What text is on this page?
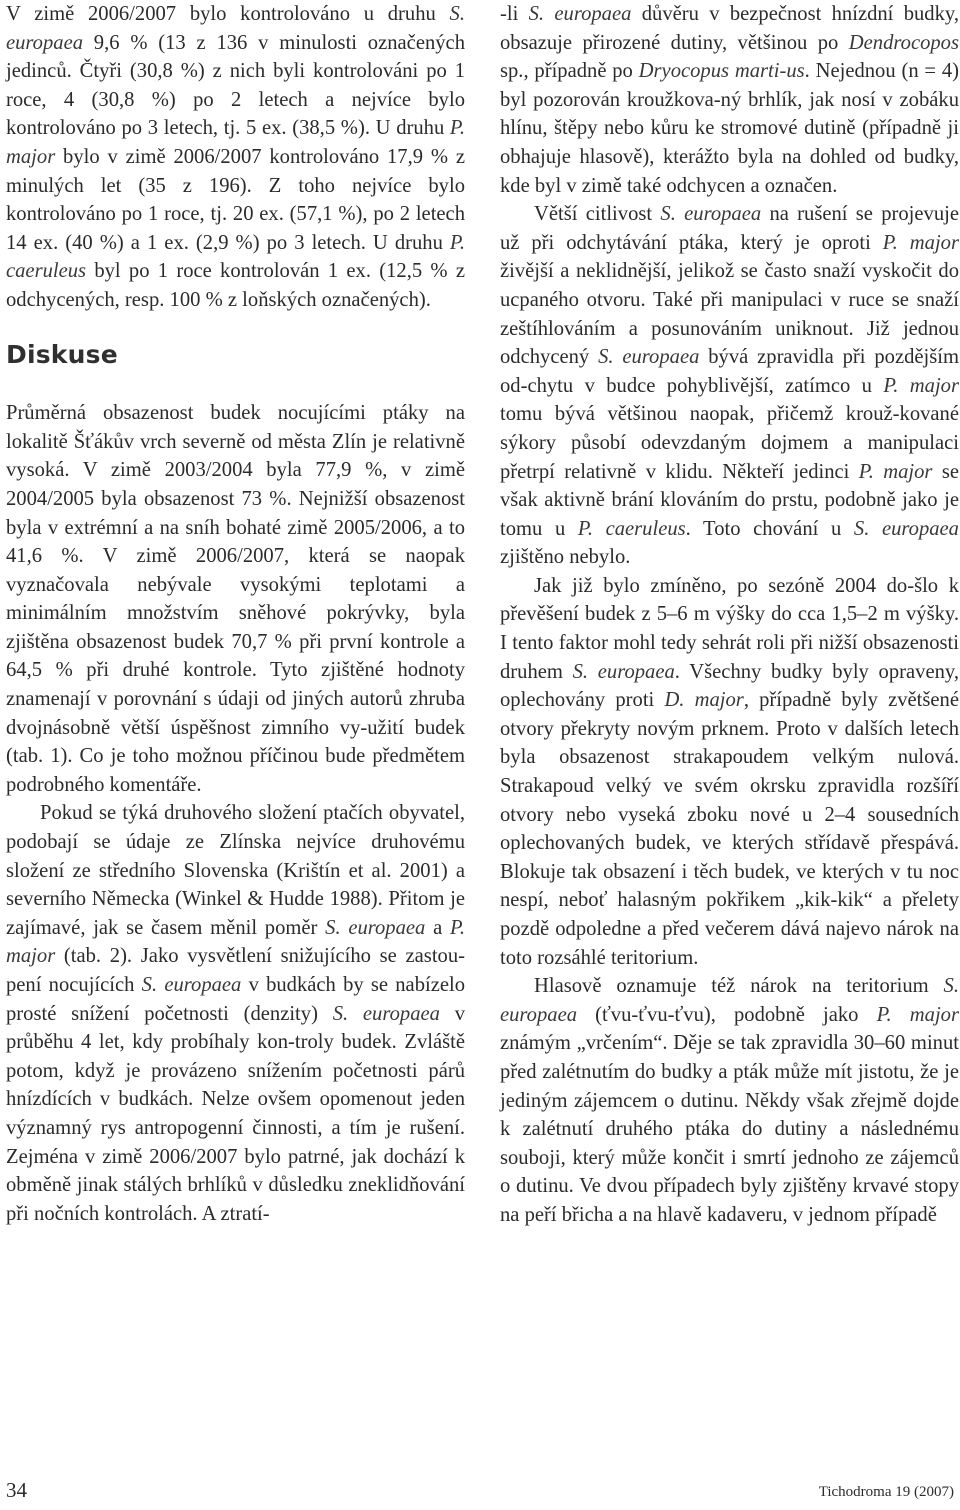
V zimě 2006/2007 bylo kontrolováno u druhu S. europaea 9,6 % (13 z 136 v minulosti označených jedinců. Čtyři (30,8 %) z nich byli kontrolováni po 1 roce, 4 (30,8 %) po 2 letech a nejvíce bylo kontrolováno po 3 letech, tj. 5 ex. (38,5 %). U druhu P. major bylo v zimě 2006/2007 kontrolováno 17,9 % z minulých let (35 z 196). Z toho nejvíce bylo kontrolováno po 1 roce, tj. 20 ex. (57,1 %), po 2 letech 14 ex. (40 %) a 1 ex. (2,9 %) po 3 letech. U druhu P. caeruleus byl po 1 roce kontrolován 1 ex. (12,5 % z odchycených, resp. 100 % z loňských označených).

Diskuse

Průměrná obsazenost budek nocujícími ptáky na lokalitě Šťákův vrch severně od města Zlín je relativně vysoká. V zimě 2003/2004 byla 77,9 %, v zimě 2004/2005 byla obsazenost 73 %. Nejnižší obsazenost byla v extrémní a na sníh bohaté zimě 2005/2006, a to 41,6 %. V zimě 2006/2007, která se naopak vyznačovala nebývale vysokými teplotami a minimálním množstvím sněhové pokrývky, byla zjištěna obsazenost budek 70,7 % při první kontrole a 64,5 % při druhé kontrole. Tyto zjištěné hodnoty znamenají v porovnání s údaji od jiných autorů zhruba dvojnásobně větší úspěšnost zimního vy-užití budek (tab. 1). Co je toho možnou příčinou bude předmětem podrobného komentáře.

Pokud se týká druhového složení ptačích obyvatel, podobají se údaje ze Zlínska nejvíce druhovému složení ze středního Slovenska (Krištín et al. 2001) a severního Německa (Winkel & Hudde 1988). Přitom je zajímavé, jak se časem měnil poměr S. europaea a P. major (tab. 2). Jako vysvětlení snižujícího se zastou-pení nocujících S. europaea v budkách by se nabízelo prosté snížení početnosti (denzity) S. europaea v průběhu 4 let, kdy probíhaly kon-troly budek. Zvláště potom, když je provázeno snížením početnosti párů hnízdících v budkách. Nelze ovšem opomenout jeden významný rys antropogenní činnosti, a tím je rušení. Zejména v zimě 2006/2007 bylo patrné, jak dochází k obměně jinak stálých brhlíků v důsledku zneklidňování při nočních kontrolách. A ztratí-

-li S. europaea důvěru v bezpečnost hnízdní budky, obsazuje přirozené dutiny, většinou po Dendrocopos sp., případně po Dryocopus marti-us. Nejednou (n = 4) byl pozorován kroužkova-ný brhlík, jak nosí v zobáku hlínu, štěpy nebo kůru ke stromové dutině (případně ji obhajuje hlasově), kterážto byla na dohled od budky, kde byl v zimě také odchycen a označen.

Větší citlivost S. europaea na rušení se projevuje už při odchytávání ptáka, který je oproti P. major živější a neklidnější, jelikož se často snaží vyskočit do ucpaného otvoru. Také při manipulaci v ruce se snaží zeštíhlováním a posunováním uniknout. Již jednou odchycený S. europaea bývá zpravidla při pozdějším od-chytu v budce pohyblivější, zatímco u P. major tomu bývá většinou naopak, přičemž krouž-kované sýkory působí odevzdaným dojmem a manipulaci přetrpí relativně v klidu. Někteří jedinci P. major se však aktivně brání klováním do prstu, podobně jako je tomu u P. caeruleus. Toto chování u S. europaea zjištěno nebylo.

Jak již bylo zmíněno, po sezóně 2004 do-šlo k převěšení budek z 5–6 m výšky do cca 1,5–2 m výšky. I tento faktor mohl tedy sehrát roli při nižší obsazenosti druhem S. europaea. Všechny budky byly opraveny, oplechovány proti D. major, případně byly zvětšené otvory překryty novým prknem. Proto v dalších letech byla obsazenost strakapoudem velkým nulová. Strakapoud velký ve svém okrsku zpravidla rozšíří otvory nebo vyseká zboku nové u 2–4 sousedních oplechovaných budek, ve kterých střídavě přespává. Blokuje tak obsazení i těch budek, ve kterých v tu noc nespí, neboť halasným pokřikem „kik-kik“ a přelety pozdě odpoledne a před večerem dává najevo nárok na toto rozsáhlé teritorium.

Hlasově oznamuje též nárok na teritorium S. europaea (ťvu-ťvu-ťvu), podobně jako P. major známým „vrčením“. Děje se tak zpravidla 30–60 minut před zalétnutím do budky a pták může mít jistotu, že je jediným zájemcem o dutinu. Někdy však zřejmě dojde k zalétnutí druhého ptáka do dutiny a následnému souboji, který může končit i smrtí jednoho ze zájemců o dutinu. Ve dvou případech byly zjištěny krvavé stopy na peří břicha a na hlavě kadaveru, v jednom případě

34	Tichodroma 19 (2007)
